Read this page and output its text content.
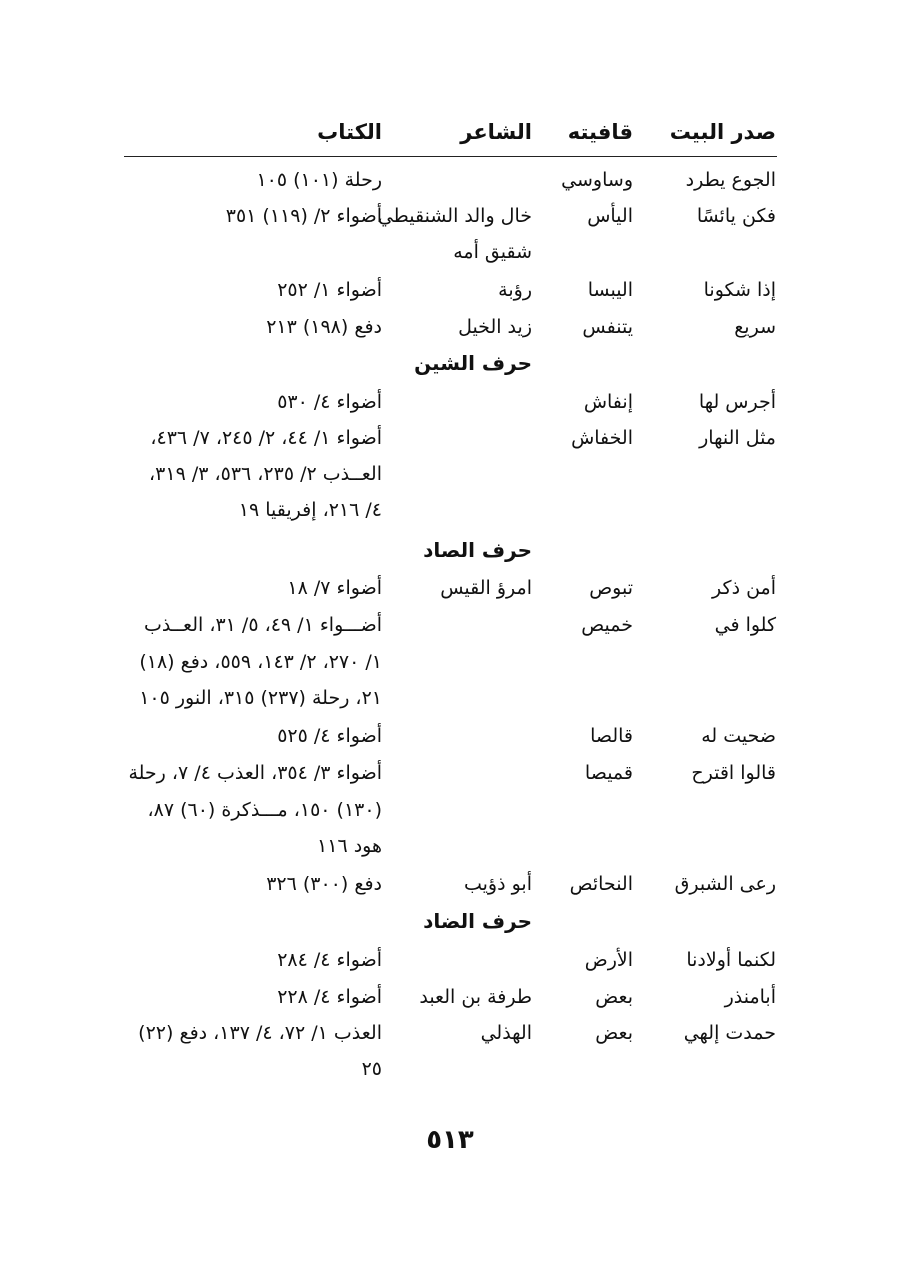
صدر البيت
قافيته
الشاعر
الكتاب
الجوع يطرد
وساوسي
رحلة (١٠١) ١٠٥
فكن يائسًا
اليأس
خال والد الشنقيطي
أضواء ٢/ (١١٩) ٣٥١
شقيق أمه
إذا شكونا
اليبسا
رؤبة
أضواء ١/ ٢٥٢
سريع
يتنفس
زيد الخيل
دفع (١٩٨) ٢١٣
حرف الشين
أجرس لها
إنفاش
أضواء ٤/ ٥٣٠
مثل النهار
الخفاش
أضواء ١/ ٤٤، ٢/ ٢٤٥، ٧/ ٤٣٦،
العــذب ٢/ ٢٣٥، ٥٣٦، ٣/ ٣١٩،
٤/ ٢١٦، إفريقيا ١٩
حرف الصاد
أمن ذكر
تبوص
امرؤ القيس
أضواء ٧/ ١٨
كلوا في
خميص
أضـــواء ١/ ٤٩، ٥/ ٣١، العــذب
١/ ٢٧٠، ٢/ ١٤٣، ٥٥٩، دفع (١٨)
٢١، رحلة (٢٣٧) ٣١٥، النور ١٠٥
ضحيت له
قالصا
أضواء ٤/ ٥٢٥
قالوا اقترح
قميصا
أضواء ٣/ ٣٥٤، العذب ٤/ ٧، رحلة
(١٣٠) ١٥٠، مـــذكرة (٦٠) ٨٧،
هود ١١٦
رعى الشبرق
النحائص
أبو ذؤيب
دفع (٣٠٠) ٣٢٦
حرف الضاد
لكنما أولادنا
الأرض
أضواء ٤/ ٢٨٤
أبامنذر
بعض
طرفة بن العبد
أضواء ٤/ ٢٢٨
حمدت إلهي
بعض
الهذلي
العذب ١/ ٧٢، ٤/ ١٣٧، دفع (٢٢)
٢٥
٥١٣
